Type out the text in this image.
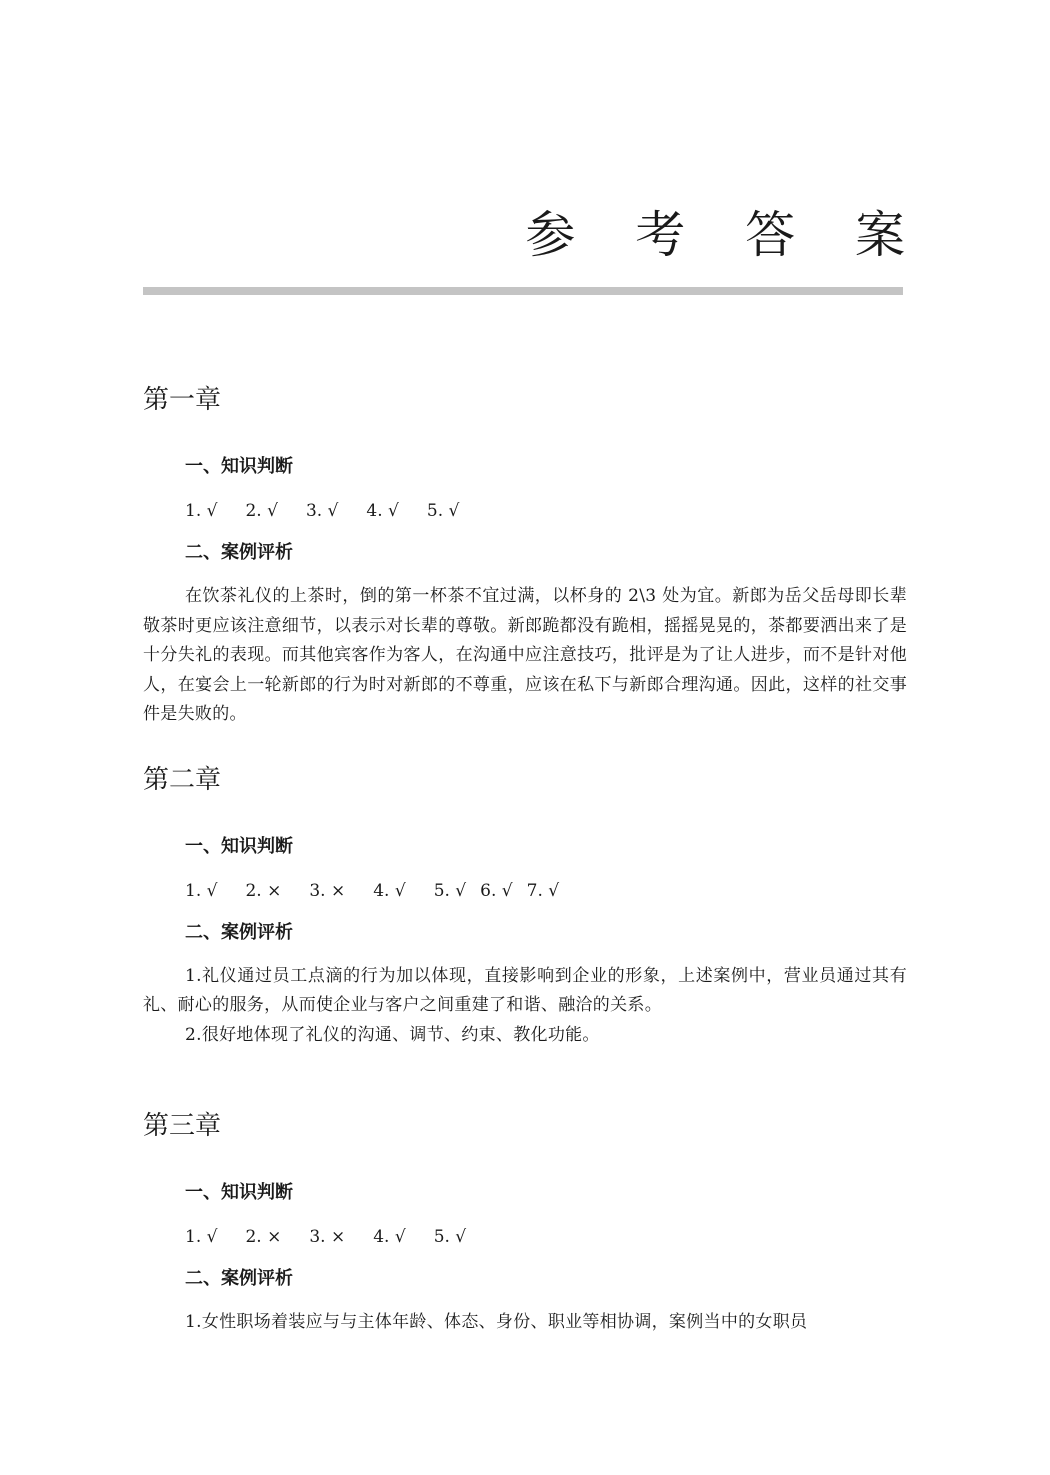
参 考 答 案
第一章
一、知识判断
1. √ 2. √ 3. √ 4. √ 5. √
二、案例评析

在饮茶礼仪的上茶时，倒的第一杯茶不宜过满，以杯身的 2\3 处为宜。新郎为岳父岳母即长辈敬茶时更应该注意细节，以表示对长辈的尊敬。新郎跪都没有跪相，摇摇晃晃的，茶都要洒出来了是十分失礼的表现。而其他宾客作为客人，在沟通中应注意技巧，批评是为了让人进步，而不是针对他人，在宴会上一轮新郎的行为时对新郎的不尊重，应该在私下与新郎合理沟通。因此，这样的社交事件是失败的。

第二章
一、知识判断
1. √ 2. × 3. × 4. √ 5. √ 6. √ 7. √
二、案例评析

1.礼仪通过员工点滴的行为加以体现，直接影响到企业的形象，上述案例中，营业员通过其有礼、耐心的服务，从而使企业与客户之间重建了和谐、融洽的关系。

2.很好地体现了礼仪的沟通、调节、约束、教化功能。

第三章
一、知识判断
1. √ 2. × 3. × 4. √ 5. √
二、案例评析

1.女性职场着装应与与主体年龄、体态、身份、职业等相协调，案例当中的女职员
